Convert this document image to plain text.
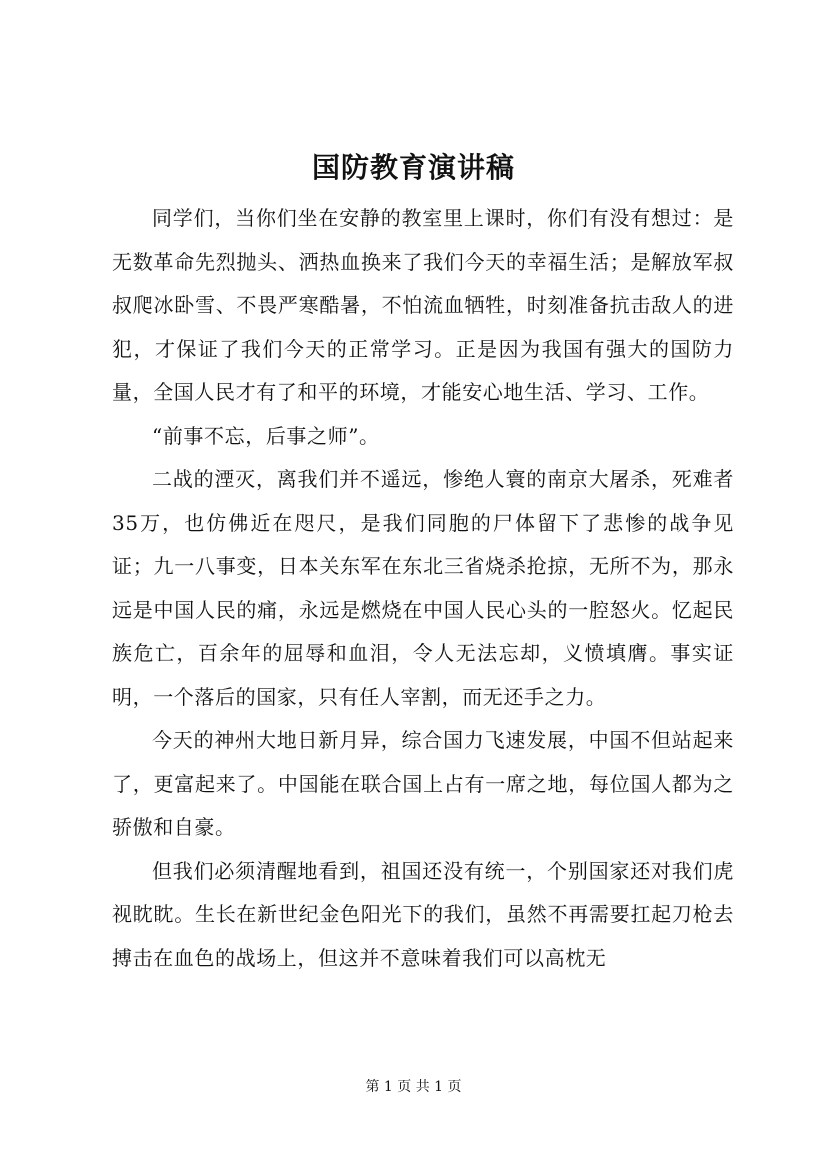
国防教育演讲稿

同学们，当你们坐在安静的教室里上课时，你们有没有想过：是无数革命先烈抛头、洒热血换来了我们今天的幸福生活；是解放军叔叔爬冰卧雪、不畏严寒酷暑，不怕流血牺牲，时刻准备抗击敌人的进犯，才保证了我们今天的正常学习。正是因为我国有强大的国防力量，全国人民才有了和平的环境，才能安心地生活、学习、工作。

“前事不忘，后事之师”。

二战的湮灭，离我们并不遥远，惨绝人寰的南京大屠杀，死难者35万，也仿佛近在咫尺，是我们同胞的尸体留下了悲惨的战争见证；九一八事变，日本关东军在东北三省烧杀抢掠，无所不为，那永远是中国人民的痛，永远是燃烧在中国人民心头的一腔怒火。忆起民族危亡，百余年的屈辱和血泪，令人无法忘却，义愤填膺。事实证明，一个落后的国家，只有任人宰割，而无还手之力。

今天的神州大地日新月异，综合国力飞速发展，中国不但站起来了，更富起来了。中国能在联合国上占有一席之地，每位国人都为之骄傲和自豪。

但我们必须清醒地看到，祖国还没有统一，个别国家还对我们虎视眈眈。生长在新世纪金色阳光下的我们，虽然不再需要扛起刀枪去搏击在血色的战场上，但这并不意味着我们可以高枕无

第 1 页 共 1 页
